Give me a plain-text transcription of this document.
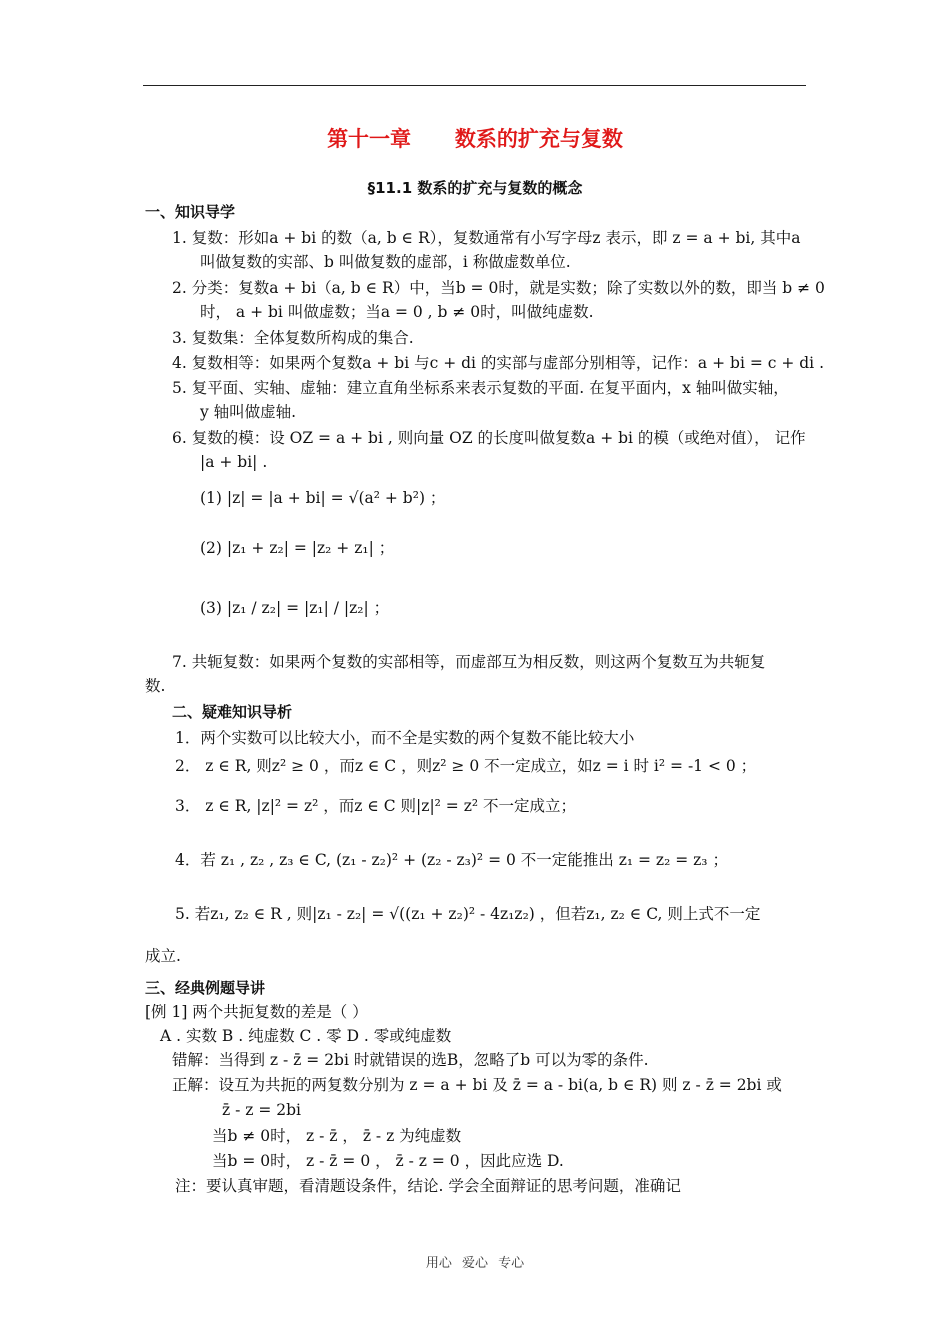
第十一章      数系的扩充与复数
§11.1 数系的扩充与复数的概念
一、知识导学
1. 复数：形如a + bi 的数（a, b ∈ R），复数通常有小写字母z 表示，即 z = a + bi, 其中a
叫做复数的实部、b 叫做复数的虚部，i 称做虚数单位.
2. 分类：复数a + bi（a, b ∈ R）中，当b = 0时，就是实数；除了实数以外的数，即当 b ≠ 0
时， a + bi 叫做虚数；当a = 0 , b ≠ 0时，叫做纯虚数.
3. 复数集：全体复数所构成的集合.
4. 复数相等：如果两个复数a + bi 与c + di 的实部与虚部分别相等，记作：a + bi = c + di .
5. 复平面、实轴、虚轴：建立直角坐标系来表示复数的平面. 在复平面内，x 轴叫做实轴，
y 轴叫做虚轴.
6. 复数的模：设 OZ = a + bi , 则向量 OZ 的长度叫做复数a + bi 的模（或绝对值）， 记作
|a + bi| .
(1) |z| = |a + bi| = √(a² + b²) ；
(2) |z₁ + z₂| = |z₂ + z₁| ；
(3) |z₁ / z₂| = |z₁| / |z₂| ；
7. 共轭复数：如果两个复数的实部相等，而虚部互为相反数，则这两个复数互为共轭复
数.
二、疑难知识导析
1．两个实数可以比较大小，而不全是实数的两个复数不能比较大小
2． z ∈ R, 则z² ≥ 0 ，而z ∈ C ，则z² ≥ 0 不一定成立，如z = i 时 i² = -1 < 0 ；
3． z ∈ R, |z|² = z² ，而z ∈ C 则|z|² = z² 不一定成立；
4．若 z₁ , z₂ , z₃ ∈ C, (z₁ - z₂)² + (z₂ - z₃)² = 0 不一定能推出 z₁ = z₂ = z₃ ；
5. 若z₁, z₂ ∈ R , 则|z₁ - z₂| = √((z₁ + z₂)² - 4z₁z₂) ，但若z₁, z₂ ∈ C, 则上式不一定
成立.
三、经典例题导讲
[例 1] 两个共扼复数的差是（ ）
A . 实数 B . 纯虚数 C . 零 D . 零或纯虚数
错解：当得到 z - z̄ = 2bi 时就错误的选B，忽略了b 可以为零的条件.
正解：设互为共扼的两复数分别为 z = a + bi 及 z̄ = a - bi(a, b ∈ R) 则 z - z̄ = 2bi 或
z̄ - z = 2bi
当b ≠ 0时， z - z̄ ， z̄ - z 为纯虚数
当b = 0时， z - z̄ = 0 ， z̄ - z = 0 ，因此应选 D.
注：要认真审题，看清题设条件，结论. 学会全面辩证的思考问题，准确记
用心 爱心 专心
